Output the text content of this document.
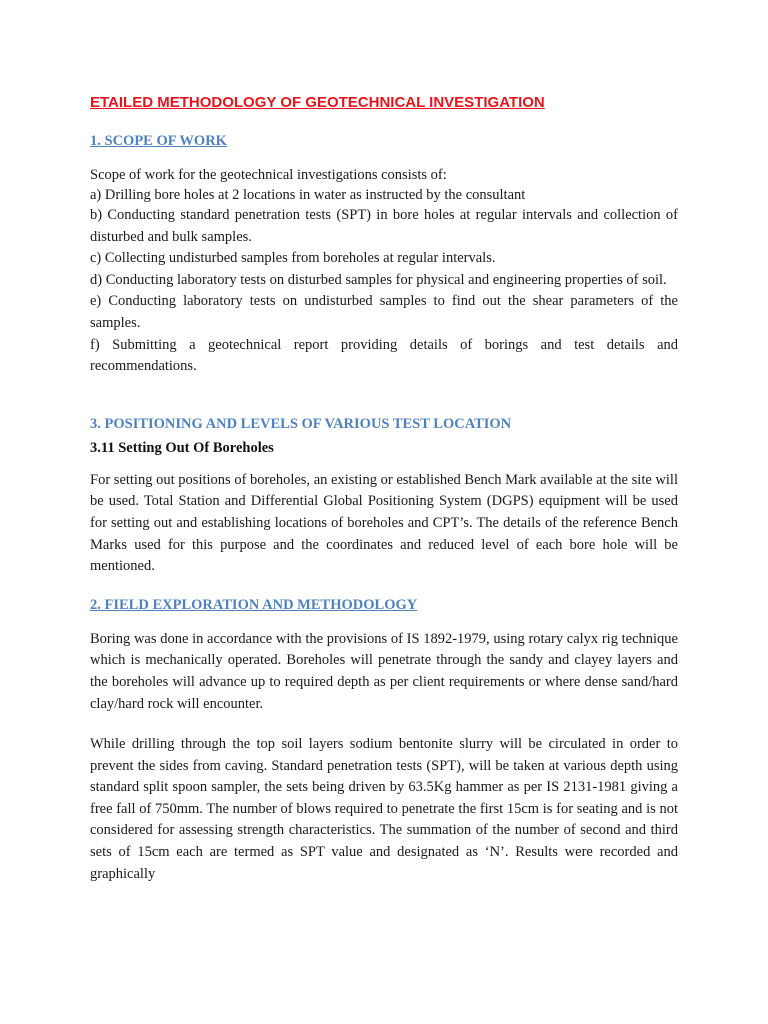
ETAILED METHODOLOGY OF GEOTECHNICAL INVESTIGATION
1. SCOPE OF WORK
Scope of work for the geotechnical investigations consists of:
a) Drilling bore holes at 2 locations in water as instructed by the consultant
b) Conducting standard penetration tests (SPT) in bore holes at regular intervals and collection of disturbed and bulk samples.
c) Collecting undisturbed samples from boreholes at regular intervals.
d) Conducting laboratory tests on disturbed samples for physical and engineering properties of soil.
e) Conducting laboratory tests on undisturbed samples to find out the shear parameters of the samples.
f) Submitting a geotechnical report providing details of borings and test details and recommendations.
3. POSITIONING AND LEVELS OF VARIOUS TEST LOCATION
3.11 Setting Out Of Boreholes
For setting out positions of boreholes, an existing or established Bench Mark available at the site will be used. Total Station and Differential Global Positioning System (DGPS) equipment will be used for setting out and establishing locations of boreholes and CPT’s. The details of the reference Bench Marks used for this purpose and the coordinates and reduced level of each bore hole will be mentioned.
2. FIELD EXPLORATION AND METHODOLOGY
Boring was done in accordance with the provisions of IS 1892-1979, using rotary calyx rig technique which is mechanically operated. Boreholes will penetrate through the sandy and clayey layers and the boreholes will advance up to required depth as per client requirements or where dense sand/hard clay/hard rock will encounter.
While drilling through the top soil layers sodium bentonite slurry will be circulated in order to prevent the sides from caving. Standard penetration tests (SPT), will be taken at various depth using standard split spoon sampler, the sets being driven by 63.5Kg hammer as per IS 2131-1981 giving a free fall of 750mm. The number of blows required to penetrate the first 15cm is for seating and is not considered for assessing strength characteristics. The summation of the number of second and third sets of 15cm each are termed as SPT value and designated as ‘N’. Results were recorded and graphically
